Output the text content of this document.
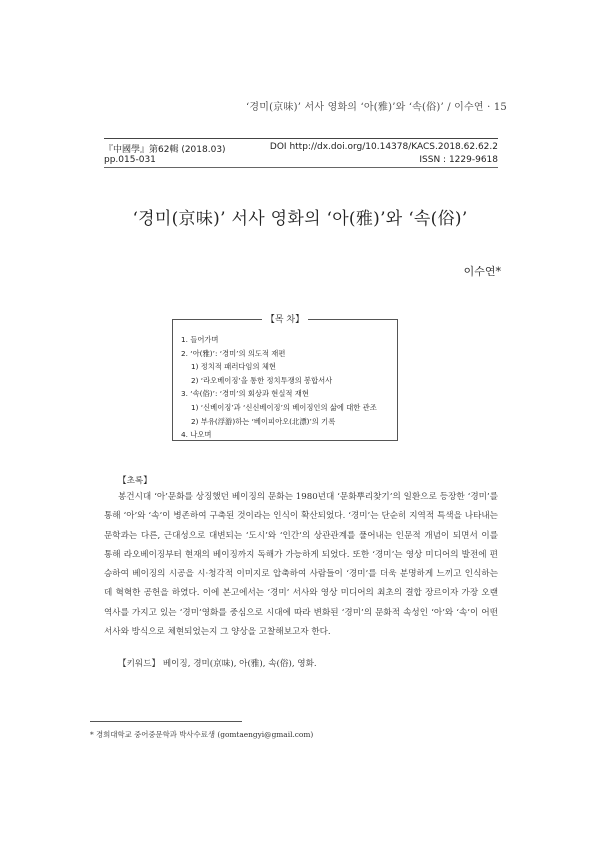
‘경미(京味)’ 서사 영화의 ‘아(雅)’와 ‘속(俗)’ / 이수연 · 15
『中國學』第62輯 (2018.03)
pp.015-031
DOI http://dx.doi.org/10.14378/KACS.2018.62.62.2
ISSN : 1229-9618
‘경미(京味)’ 서사 영화의 ‘아(雅)’와 ‘속(俗)’
이수연*
【목 차】
1. 들어가며
2. ‘아(雅)’: ‘경미’의 의도적 재편
1) 정치적 패러다임의 체현
2) ‘라오베이징’을 통한 정치투쟁의 봉합서사
3. ‘속(俗)’: ‘경미’의 회상과 현실적 재현
1) ‘신베이징’과 ‘신신베이징’의 베이징인의 삶에 대한 관조
2) 부유(浮游)하는 ‘베이피아오(北漂)’의 기록
4. 나오며
【초록】

봉건시대 ‘아’문화를 상징했던 베이징의 문화는 1980년대 ‘문화뿌리찾기’의 일환으로 등장한 ‘경미’를 통해 ‘아’와 ‘속’이 병존하여 구축된 것이라는 인식이 확산되었다. ‘경미’는 단순히 지역적 특색을 나타내는 문학과는 다른, 근대성으로 대변되는 ‘도시’와 ‘인간’의 상관관계를 풀어내는 인문적 개념이 되면서 이를 통해 라오베이징부터 현재의 베이징까지 독해가 가능하게 되었다. 또한 ‘경미’는 영상 미디어의 발전에 편승하여 베이징의 시공을 시·청각적 이미지로 압축하여 사람들이 ‘경미’를 더욱 분명하게 느끼고 인식하는데 혁혁한 공헌을 하였다. 이에 본고에서는 ‘경미’ 서사와 영상 미디어의 최초의 결합 장르이자 가장 오랜 역사를 가지고 있는 ‘경미’영화를 중심으로 시대에 따라 변화된 ‘경미’의 문화적 속성인 ‘아’와 ‘속’이 어떤 서사와 방식으로 체현되었는지 그 양상을 고찰해보고자 한다.

【키워드】 베이징, 경미(京味), 아(雅), 속(俗), 영화.
* 경희대학교 중어중문학과 박사수료생 (gomtaengyi@gmail.com)
